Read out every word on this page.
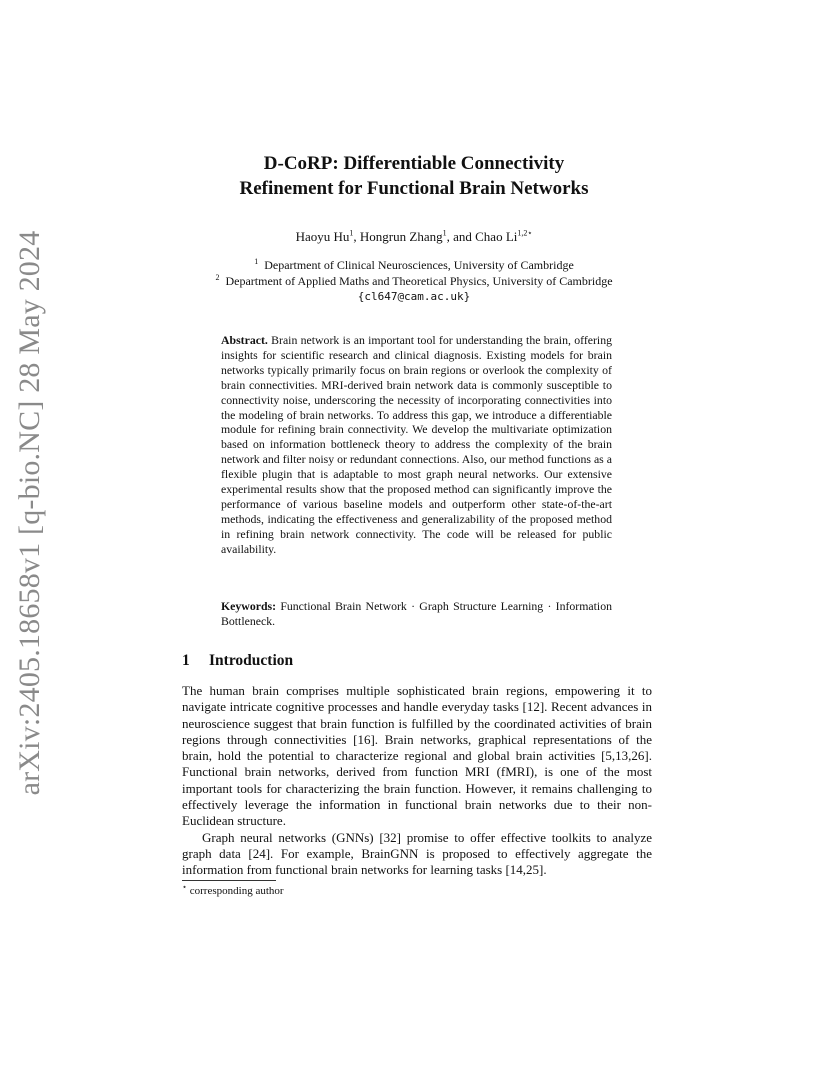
arXiv:2405.18658v1 [q-bio.NC] 28 May 2024
D-CoRP: Differentiable Connectivity
Refinement for Functional Brain Networks
Haoyu Hu$^1$, Hongrun Zhang$^1$, and Chao $Li^{1,2⋆}$
$^1$ Department of Clinical Neurosciences, University of Cambridge
$^2$ Department of Applied Maths and Theoretical Physics, University of Cambridge
{cl647@cam.ac.uk}
Abstract. Brain network is an important tool for understanding the brain, offering insights for scientific research and clinical diagnosis. Existing models for brain networks typically primarily focus on brain regions or overlook the complexity of brain connectivities. MRI-derived brain network data is commonly susceptible to connectivity noise, underscoring the necessity of incorporating connectivities into the modeling of brain networks. To address this gap, we introduce a differentiable module for refining brain connectivity. We develop the multivariate optimization based on information bottleneck theory to address the complexity of the brain network and filter noisy or redundant connections. Also, our method functions as a flexible plugin that is adaptable to most graph neural networks. Our extensive experimental results show that the proposed method can significantly improve the performance of various baseline models and outperform other state-of-the-art methods, indicating the effectiveness and generalizability of the proposed method in refining brain network connectivity. The code will be released for public availability.
Keywords: Functional Brain Network · Graph Structure Learning · Information Bottleneck.
1 Introduction

The human brain comprises multiple sophisticated brain regions, empowering it to navigate intricate cognitive processes and handle everyday tasks [12]. Recent advances in neuroscience suggest that brain function is fulfilled by the coordinated activities of brain regions through connectivities [16]. Brain networks, graphical representations of the brain, hold the potential to characterize regional and global brain activities [5,13,26]. Functional brain networks, derived from function MRI (fMRI), is one of the most important tools for characterizing the brain function. However, it remains challenging to effectively leverage the information in functional brain networks due to their non-Euclidean structure.

Graph neural networks (GNNs) [32] promise to offer effective toolkits to analyze graph data [24]. For example, BrainGNN is proposed to effectively aggregate the information from functional brain networks for learning tasks [14,25].

⋆ corresponding author
